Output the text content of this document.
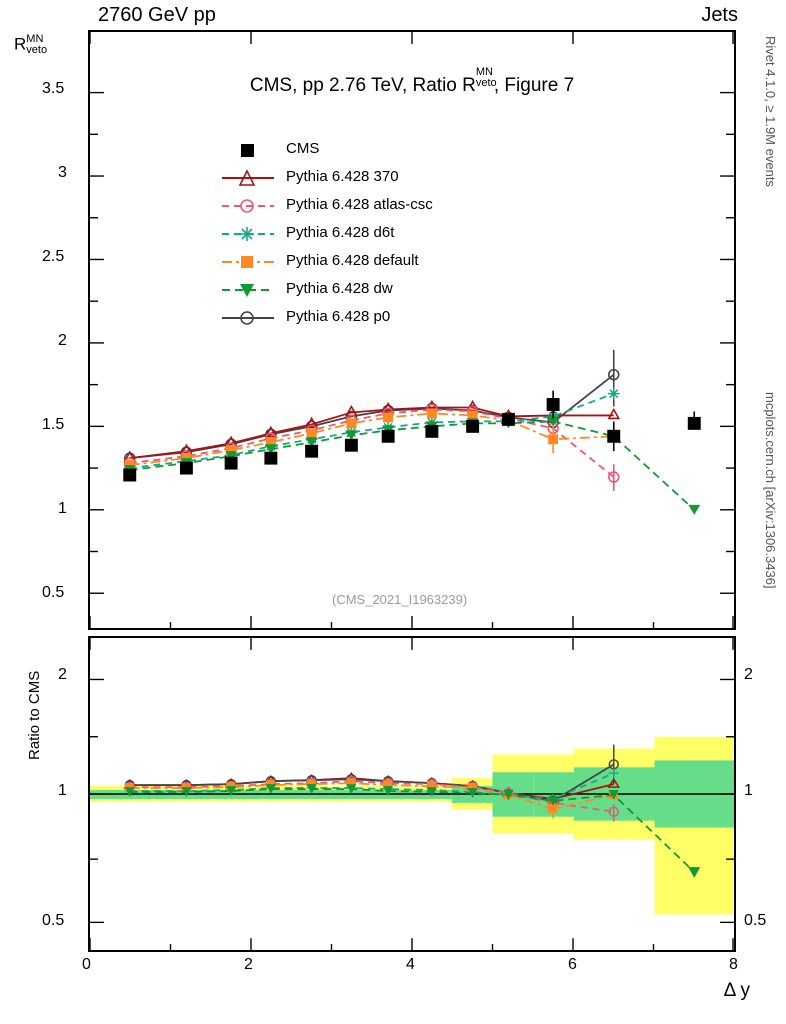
2760 GeV pp	Jets
Rivet 4.1.0, ≥ 1.9M events
mcplots.cern.ch [arXiv:1306.3436]
R MN
veto
CMS, pp 2.76 TeV, Ratio R
MN
veto
, Figure 7
(CMS_2021_I1963239)
CMS
Pythia 6.428 370
Pythia 6.428 atlas-csc
Pythia 6.428 d6t
Pythia 6.428 default
Pythia 6.428 dw
Pythia 6.428 p0
0.5
1
1.5
2
2.5
3
3.5
Ratio to CMS
0.5
1
2
0.5
1
2
0	2	4	6	8
Δ y
